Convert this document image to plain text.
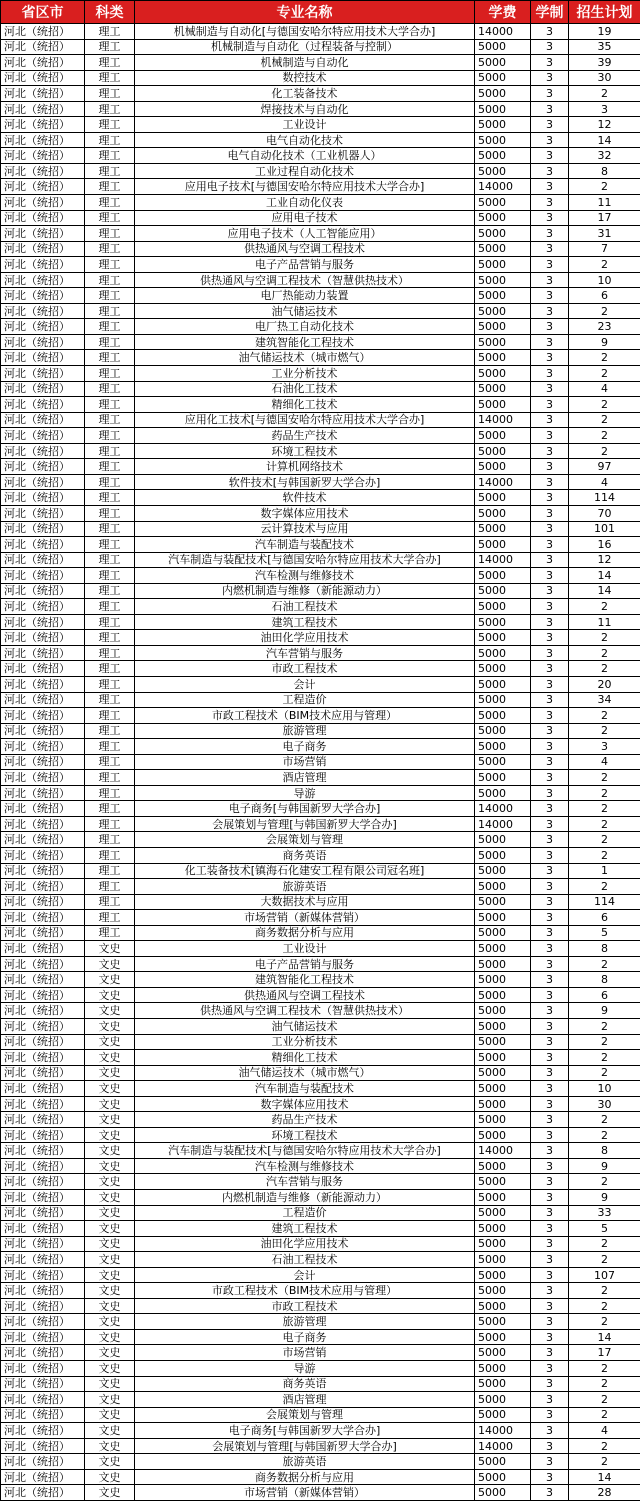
省区市	科类	专业名称	学费	学制	招生计划
河北（统招）	理工	机械制造与自动化[与德国安哈尔特应用技术大学合办]	14000	3	19
河北（统招）	理工	机械制造与自动化（过程装备与控制）	5000	3	35
河北（统招）	理工	机械制造与自动化	5000	3	39
河北（统招）	理工	数控技术	5000	3	30
河北（统招）	理工	化工装备技术	5000	3	2
河北（统招）	理工	焊接技术与自动化	5000	3	3
河北（统招）	理工	工业设计	5000	3	12
河北（统招）	理工	电气自动化技术	5000	3	14
河北（统招）	理工	电气自动化技术（工业机器人）	5000	3	32
河北（统招）	理工	工业过程自动化技术	5000	3	8
河北（统招）	理工	应用电子技术[与德国安哈尔特应用技术大学合办]	14000	3	2
河北（统招）	理工	工业自动化仪表	5000	3	11
河北（统招）	理工	应用电子技术	5000	3	17
河北（统招）	理工	应用电子技术（人工智能应用）	5000	3	31
河北（统招）	理工	供热通风与空调工程技术	5000	3	7
河北（统招）	理工	电子产品营销与服务	5000	3	2
河北（统招）	理工	供热通风与空调工程技术（智慧供热技术）	5000	3	10
河北（统招）	理工	电厂热能动力装置	5000	3	6
河北（统招）	理工	油气储运技术	5000	3	2
河北（统招）	理工	电厂热工自动化技术	5000	3	23
河北（统招）	理工	建筑智能化工程技术	5000	3	9
河北（统招）	理工	油气储运技术（城市燃气）	5000	3	2
河北（统招）	理工	工业分析技术	5000	3	2
河北（统招）	理工	石油化工技术	5000	3	4
河北（统招）	理工	精细化工技术	5000	3	2
河北（统招）	理工	应用化工技术[与德国安哈尔特应用技术大学合办]	14000	3	2
河北（统招）	理工	药品生产技术	5000	3	2
河北（统招）	理工	环境工程技术	5000	3	2
河北（统招）	理工	计算机网络技术	5000	3	97
河北（统招）	理工	软件技术[与韩国新罗大学合办]	14000	3	4
河北（统招）	理工	软件技术	5000	3	114
河北（统招）	理工	数字媒体应用技术	5000	3	70
河北（统招）	理工	云计算技术与应用	5000	3	101
河北（统招）	理工	汽车制造与装配技术	5000	3	16
河北（统招）	理工	汽车制造与装配技术[与德国安哈尔特应用技术大学合办]	14000	3	12
河北（统招）	理工	汽车检测与维修技术	5000	3	14
河北（统招）	理工	内燃机制造与维修（新能源动力）	5000	3	14
河北（统招）	理工	石油工程技术	5000	3	2
河北（统招）	理工	建筑工程技术	5000	3	11
河北（统招）	理工	油田化学应用技术	5000	3	2
河北（统招）	理工	汽车营销与服务	5000	3	2
河北（统招）	理工	市政工程技术	5000	3	2
河北（统招）	理工	会计	5000	3	20
河北（统招）	理工	工程造价	5000	3	34
河北（统招）	理工	市政工程技术（BIM技术应用与管理）	5000	3	2
河北（统招）	理工	旅游管理	5000	3	2
河北（统招）	理工	电子商务	5000	3	3
河北（统招）	理工	市场营销	5000	3	4
河北（统招）	理工	酒店管理	5000	3	2
河北（统招）	理工	导游	5000	3	2
河北（统招）	理工	电子商务[与韩国新罗大学合办]	14000	3	2
河北（统招）	理工	会展策划与管理[与韩国新罗大学合办]	14000	3	2
河北（统招）	理工	会展策划与管理	5000	3	2
河北（统招）	理工	商务英语	5000	3	2
河北（统招）	理工	化工装备技术[镇海石化建安工程有限公司冠名班]	5000	3	1
河北（统招）	理工	旅游英语	5000	3	2
河北（统招）	理工	大数据技术与应用	5000	3	114
河北（统招）	理工	市场营销（新媒体营销）	5000	3	6
河北（统招）	理工	商务数据分析与应用	5000	3	5
河北（统招）	文史	工业设计	5000	3	8
河北（统招）	文史	电子产品营销与服务	5000	3	2
河北（统招）	文史	建筑智能化工程技术	5000	3	8
河北（统招）	文史	供热通风与空调工程技术	5000	3	6
河北（统招）	文史	供热通风与空调工程技术（智慧供热技术）	5000	3	9
河北（统招）	文史	油气储运技术	5000	3	2
河北（统招）	文史	工业分析技术	5000	3	2
河北（统招）	文史	精细化工技术	5000	3	2
河北（统招）	文史	油气储运技术（城市燃气）	5000	3	2
河北（统招）	文史	汽车制造与装配技术	5000	3	10
河北（统招）	文史	数字媒体应用技术	5000	3	30
河北（统招）	文史	药品生产技术	5000	3	2
河北（统招）	文史	环境工程技术	5000	3	2
河北（统招）	文史	汽车制造与装配技术[与德国安哈尔特应用技术大学合办]	14000	3	8
河北（统招）	文史	汽车检测与维修技术	5000	3	9
河北（统招）	文史	汽车营销与服务	5000	3	2
河北（统招）	文史	内燃机制造与维修（新能源动力）	5000	3	9
河北（统招）	文史	工程造价	5000	3	33
河北（统招）	文史	建筑工程技术	5000	3	5
河北（统招）	文史	油田化学应用技术	5000	3	2
河北（统招）	文史	石油工程技术	5000	3	2
河北（统招）	文史	会计	5000	3	107
河北（统招）	文史	市政工程技术（BIM技术应用与管理）	5000	3	2
河北（统招）	文史	市政工程技术	5000	3	2
河北（统招）	文史	旅游管理	5000	3	2
河北（统招）	文史	电子商务	5000	3	14
河北（统招）	文史	市场营销	5000	3	17
河北（统招）	文史	导游	5000	3	2
河北（统招）	文史	商务英语	5000	3	2
河北（统招）	文史	酒店管理	5000	3	2
河北（统招）	文史	会展策划与管理	5000	3	2
河北（统招）	文史	电子商务[与韩国新罗大学合办]	14000	3	4
河北（统招）	文史	会展策划与管理[与韩国新罗大学合办]	14000	3	2
河北（统招）	文史	旅游英语	5000	3	2
河北（统招）	文史	商务数据分析与应用	5000	3	14
河北（统招）	文史	市场营销（新媒体营销）	5000	3	28
